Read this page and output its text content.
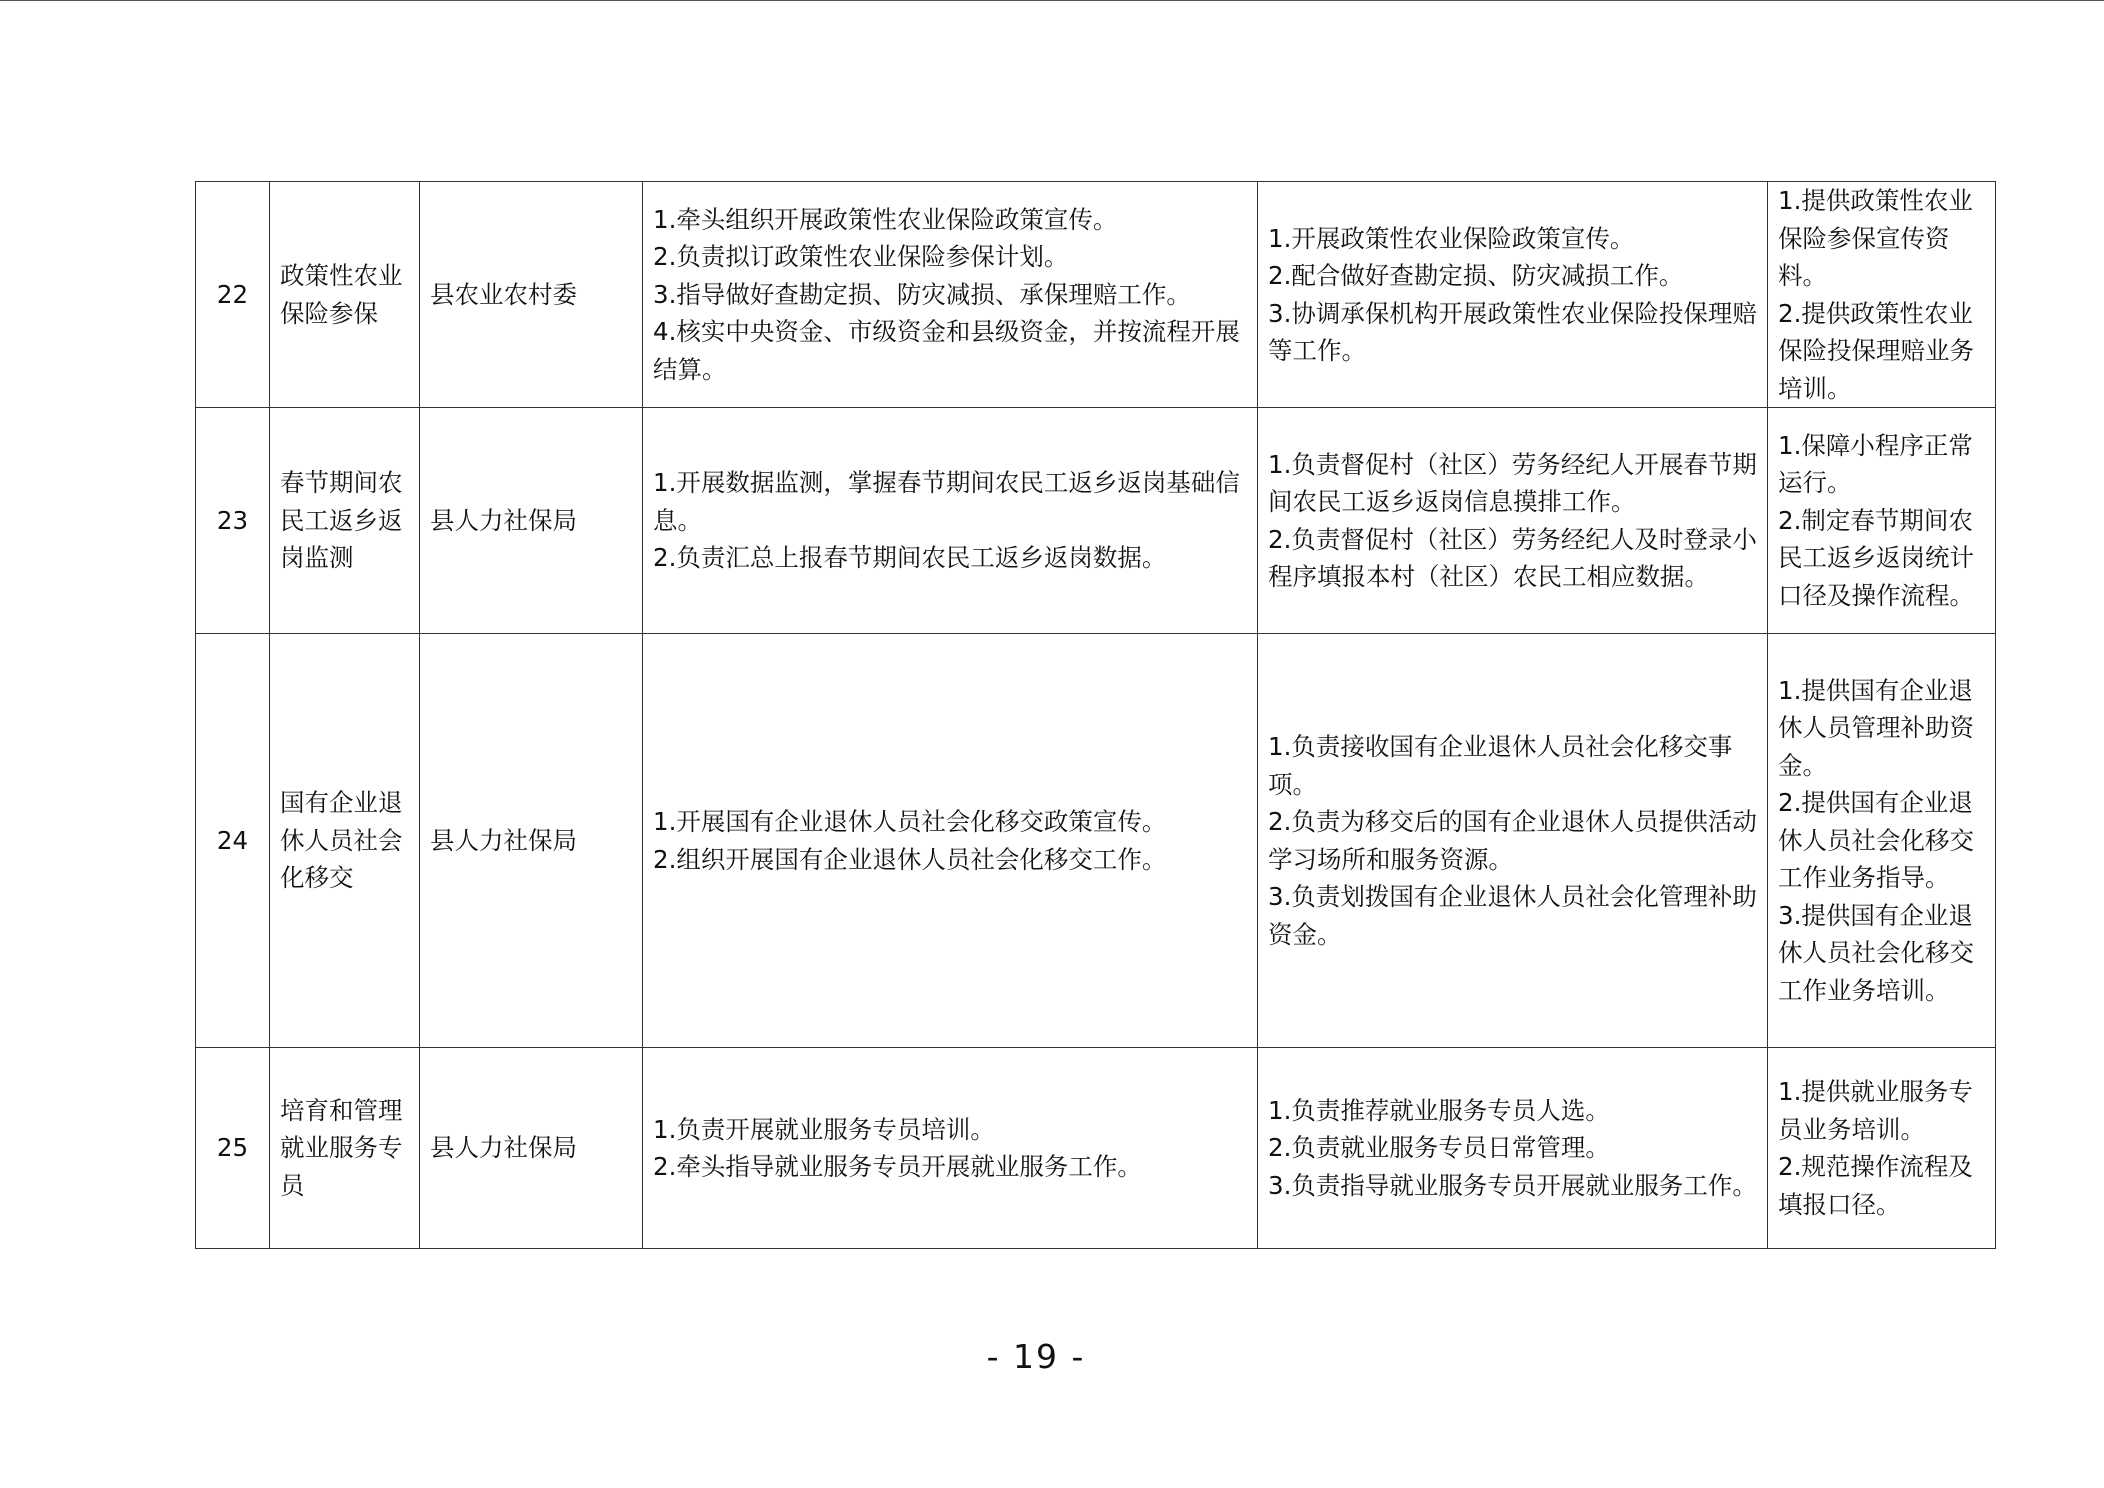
22	政策性农业保险参保	县农业农村委	1.牵头组织开展政策性农业保险政策宣传。
2.负责拟订政策性农业保险参保计划。
3.指导做好查勘定损、防灾减损、承保理赔工作。
4.核实中央资金、市级资金和县级资金，并按流程开展结算。	1.开展政策性农业保险政策宣传。
2.配合做好查勘定损、防灾减损工作。
3.协调承保机构开展政策性农业保险投保理赔等工作。	1.提供政策性农业保险参保宣传资料。
2.提供政策性农业保险投保理赔业务培训。

23	春节期间农民工返乡返岗监测	县人力社保局	1.开展数据监测，掌握春节期间农民工返乡返岗基础信息。
2.负责汇总上报春节期间农民工返乡返岗数据。	1.负责督促村（社区）劳务经纪人开展春节期间农民工返乡返岗信息摸排工作。
2.负责督促村（社区）劳务经纪人及时登录小程序填报本村（社区）农民工相应数据。	1.保障小程序正常运行。
2.制定春节期间农民工返乡返岗统计口径及操作流程。

24	国有企业退休人员社会化移交	县人力社保局	1.开展国有企业退休人员社会化移交政策宣传。
2.组织开展国有企业退休人员社会化移交工作。	1.负责接收国有企业退休人员社会化移交事项。
2.负责为移交后的国有企业退休人员提供活动学习场所和服务资源。
3.负责划拨国有企业退休人员社会化管理补助资金。	1.提供国有企业退休人员管理补助资金。
2.提供国有企业退休人员社会化移交工作业务指导。
3.提供国有企业退休人员社会化移交工作业务培训。

25	培育和管理就业服务专员	县人力社保局	1.负责开展就业服务专员培训。
2.牵头指导就业服务专员开展就业服务工作。	1.负责推荐就业服务专员人选。
2.负责就业服务专员日常管理。
3.负责指导就业服务专员开展就业服务工作。	1.提供就业服务专员业务培训。
2.规范操作流程及填报口径。
- 19 -
